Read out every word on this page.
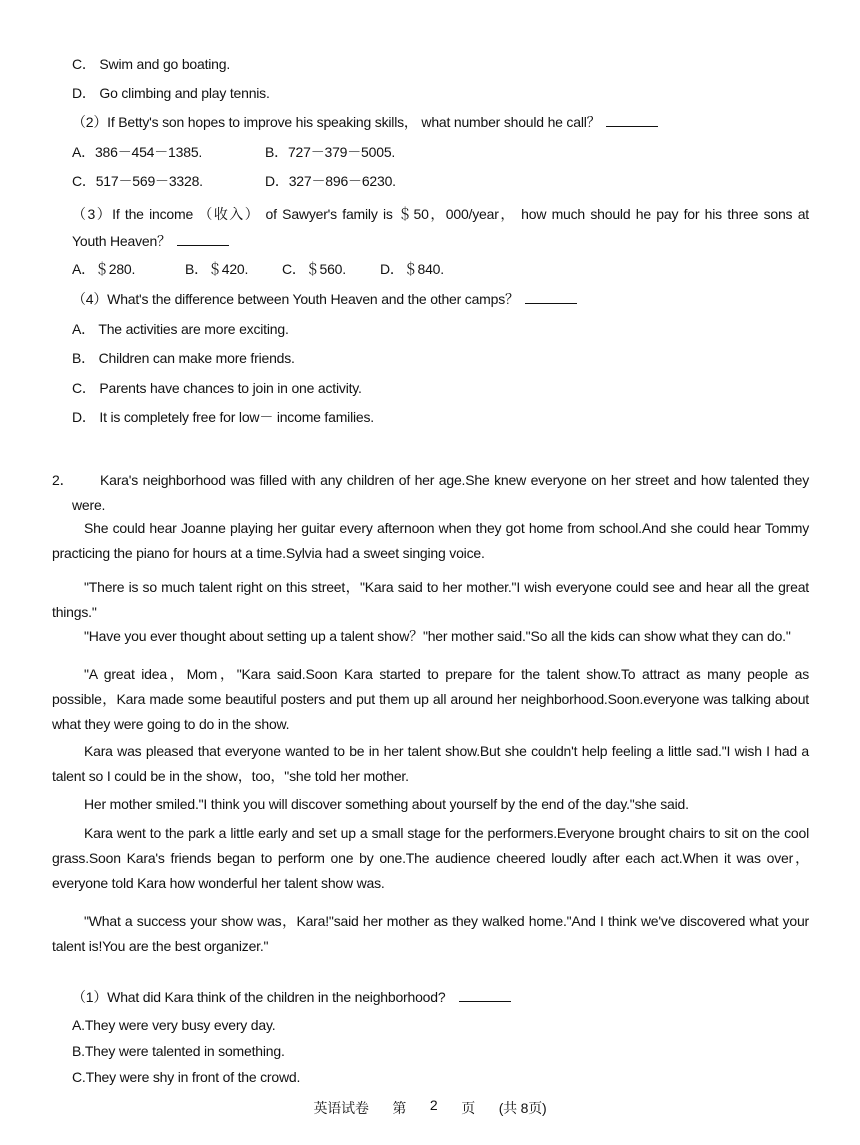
C． Swim and go boating.
D． Go climbing and play tennis.
（2）If Betty's son hopes to improve his speaking skills， what number should he call？
A．386－454－1385.	B．727－379－5005.
C．517－569－3328.	D．327－896－6230.
（3）If the income （收入） of Sawyer's family is ＄50，000/year， how much should he pay for his three sons at
Youth Heaven？
A．＄280.	B．＄420. C．＄560. D．＄840.
（4）What's the difference between Youth Heaven and the other camps？
A． The activities are more exciting.
B． Children can make more friends.
C． Parents have chances to join in one activity.
D． It is completely free for low－ income families.
2． Kara's neighborhood was filled with any children of her age.She knew everyone on her street and how talented they
were.
She could hear Joanne playing her guitar every afternoon when they got home from school.And she could hear Tommy practicing the piano for hours at a time.Sylvia had a sweet singing voice.
"There is so much talent right on this street，"Kara said to her mother."I wish everyone could see and hear all the great things."
"Have you ever thought about setting up a talent show？"her mother said."So all the kids can show what they can do."
"A great idea，Mom，"Kara said.Soon Kara started to prepare for the talent show.To attract as many people as possible，Kara made some beautiful posters and put them up all around her neighborhood.Soon.everyone was talking about what they were going to do in the show.
Kara was pleased that everyone wanted to be in her talent show.But she couldn't help feeling a little sad."I wish I had a talent so I could be in the show，too，"she told her mother.
Her mother smiled."I think you will discover something about yourself by the end of the day."she said.
Kara went to the park a little early and set up a small stage for the performers.Everyone brought chairs to sit on the cool grass.Soon Kara's friends began to perform one by one.The audience cheered loudly after each act.When it was over，everyone told Kara how wonderful her talent show was.
"What a success your show was，Kara!"said her mother as they walked home."And I think we've discovered what your talent is!You are the best organizer."
（1）What did Kara think of the children in the neighborhood?
A.They were very busy every day.
B.They were talented in something.
C.They were shy in front of the crowd.
英语试卷 第 2 页 (共 8页)
